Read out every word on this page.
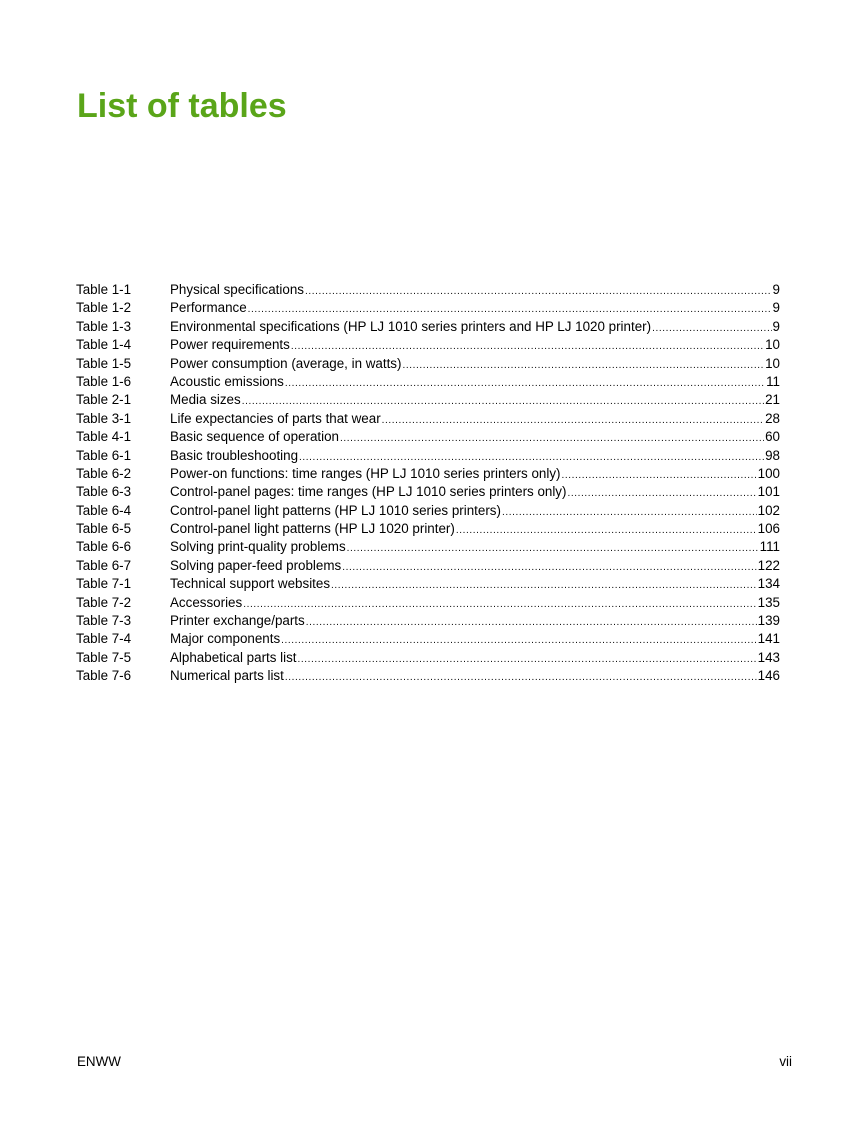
List of tables
Table 1-1	Physical specifications .....	9
Table 1-2	Performance .....	9
Table 1-3	Environmental specifications (HP LJ 1010 series printers and HP LJ 1020 printer) .....	9
Table 1-4	Power requirements .....	10
Table 1-5	Power consumption (average, in watts) .....	10
Table 1-6	Acoustic emissions .....	11
Table 2-1	Media sizes .....	21
Table 3-1	Life expectancies of parts that wear .....	28
Table 4-1	Basic sequence of operation .....	60
Table 6-1	Basic troubleshooting .....	98
Table 6-2	Power-on functions: time ranges (HP LJ 1010 series printers only) .....	100
Table 6-3	Control-panel pages: time ranges (HP LJ 1010 series printers only) .....	101
Table 6-4	Control-panel light patterns (HP LJ 1010 series printers) .....	102
Table 6-5	Control-panel light patterns (HP LJ 1020 printer) .....	106
Table 6-6	Solving print-quality problems .....	111
Table 6-7	Solving paper-feed problems .....	122
Table 7-1	Technical support websites .....	134
Table 7-2	Accessories .....	135
Table 7-3	Printer exchange/parts .....	139
Table 7-4	Major components .....	141
Table 7-5	Alphabetical parts list .....	143
Table 7-6	Numerical parts list .....	146
ENWW	vii
